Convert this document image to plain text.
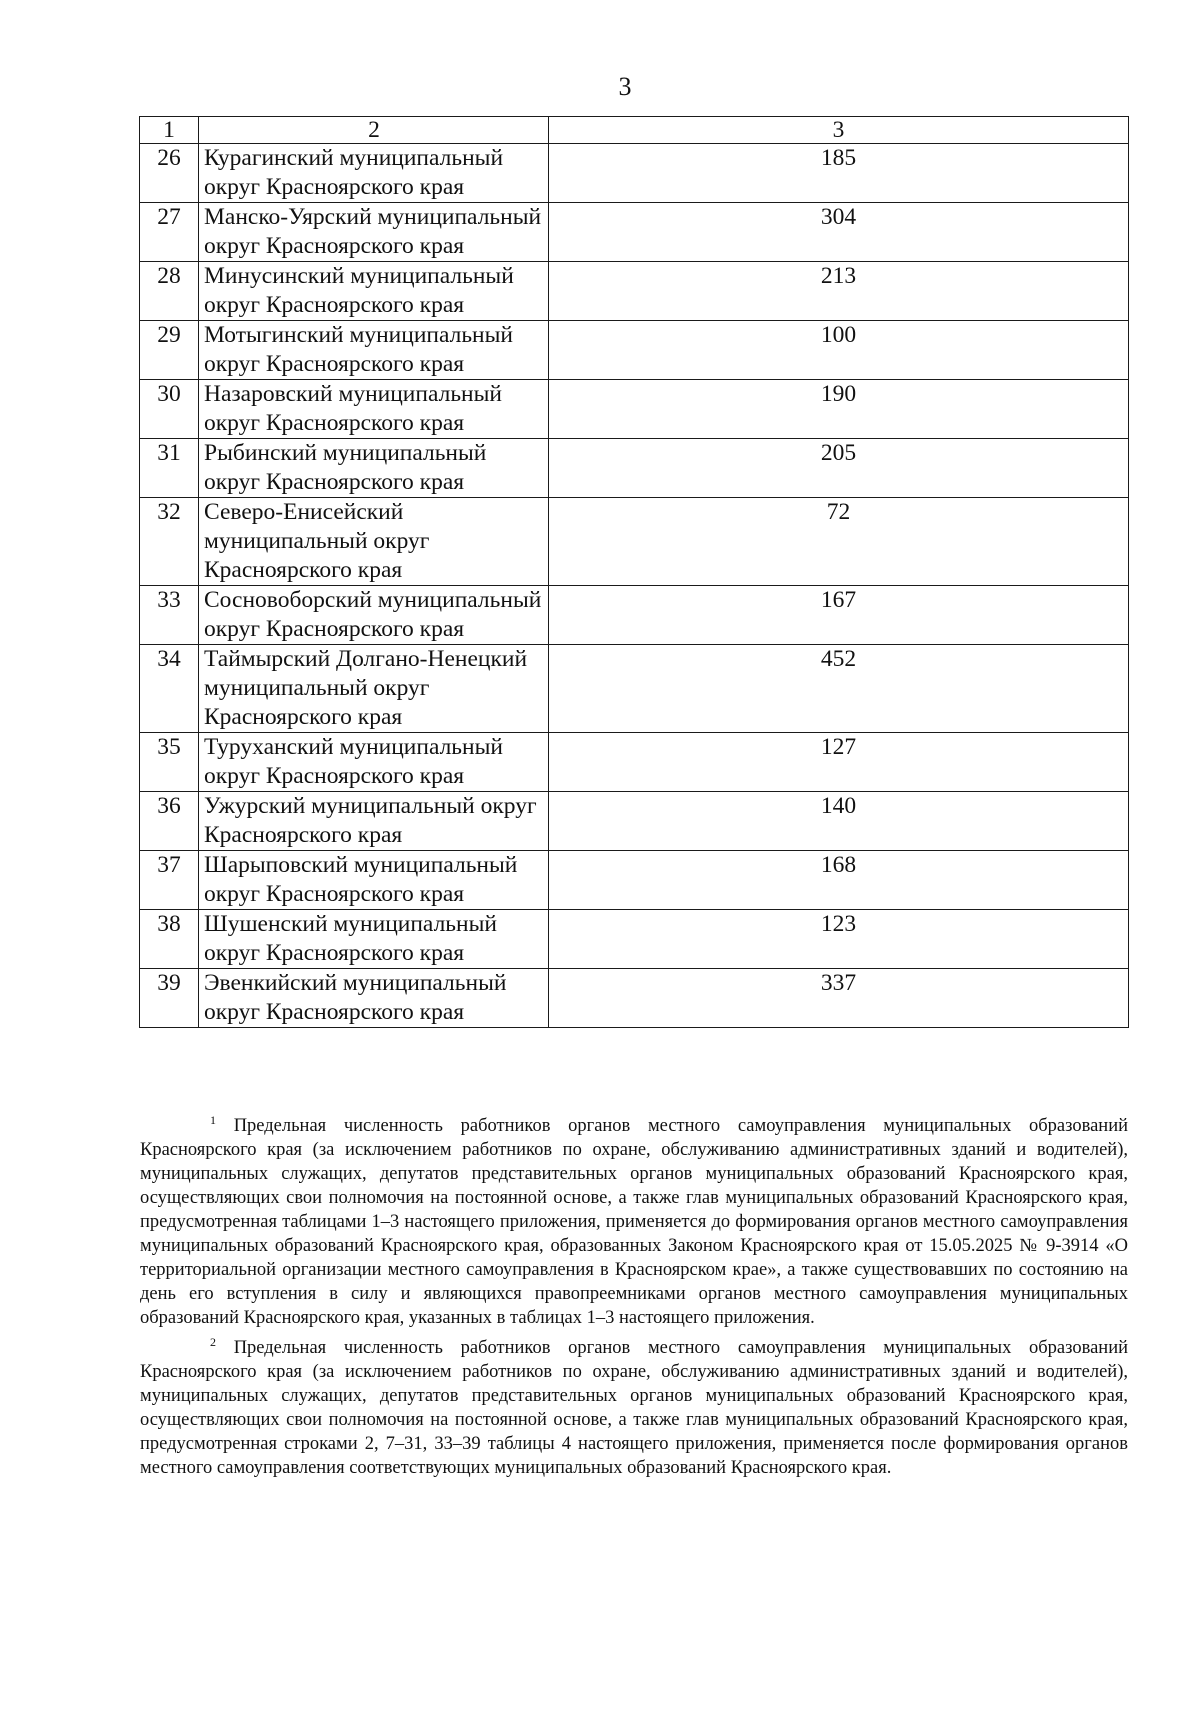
3
1	2	3
26	Курагинский муниципальный округ Красноярского края	185
27	Манско-Уярский муниципальный округ Красноярского края	304
28	Минусинский муниципальный округ Красноярского края	213
29	Мотыгинский муниципальный округ Красноярского края	100
30	Назаровский муниципальный округ Красноярского края	190
31	Рыбинский муниципальный округ Красноярского края	205
32	Северо-Енисейский муниципальный округ Красноярского края	72
33	Сосновоборский муниципальный округ Красноярского края	167
34	Таймырский Долгано-Ненецкий муниципальный округ Красноярского края	452
35	Туруханский муниципальный округ Красноярского края	127
36	Ужурский муниципальный округ Красноярского края	140
37	Шарыповский муниципальный округ Красноярского края	168
38	Шушенский муниципальный округ Красноярского края	123
39	Эвенкийский муниципальный округ Красноярского края	337

$^1$ Предельная численность работников органов местного самоуправления муниципальных образований Красноярского края (за исключением работников по охране, обслуживанию административных зданий и водителей), муниципальных служащих, депутатов представительных органов муниципальных образований Красноярского края, осуществляющих свои полномочия на постоянной основе, а также глав муниципальных образований Красноярского края, предусмотренная таблицами 1–3 настоящего приложения, применяется до формирования органов местного самоуправления муниципальных образований Красноярского края, образованных Законом Красноярского края от 15.05.2025 № 9-3914 «О территориальной организации местного самоуправления в Красноярском крае», а также существовавших по состоянию на день его вступления в силу и являющихся правопреемниками органов местного самоуправления муниципальных образований Красноярского края, указанных в таблицах 1–3 настоящего приложения.

$^2$ Предельная численность работников органов местного самоуправления муниципальных образований Красноярского края (за исключением работников по охране, обслуживанию административных зданий и водителей), муниципальных служащих, депутатов представительных органов муниципальных образований Красноярского края, осуществляющих свои полномочия на постоянной основе, а также глав муниципальных образований Красноярского края, предусмотренная строками 2, 7–31, 33–39 таблицы 4 настоящего приложения, применяется после формирования органов местного самоуправления соответствующих муниципальных образований Красноярского края.
